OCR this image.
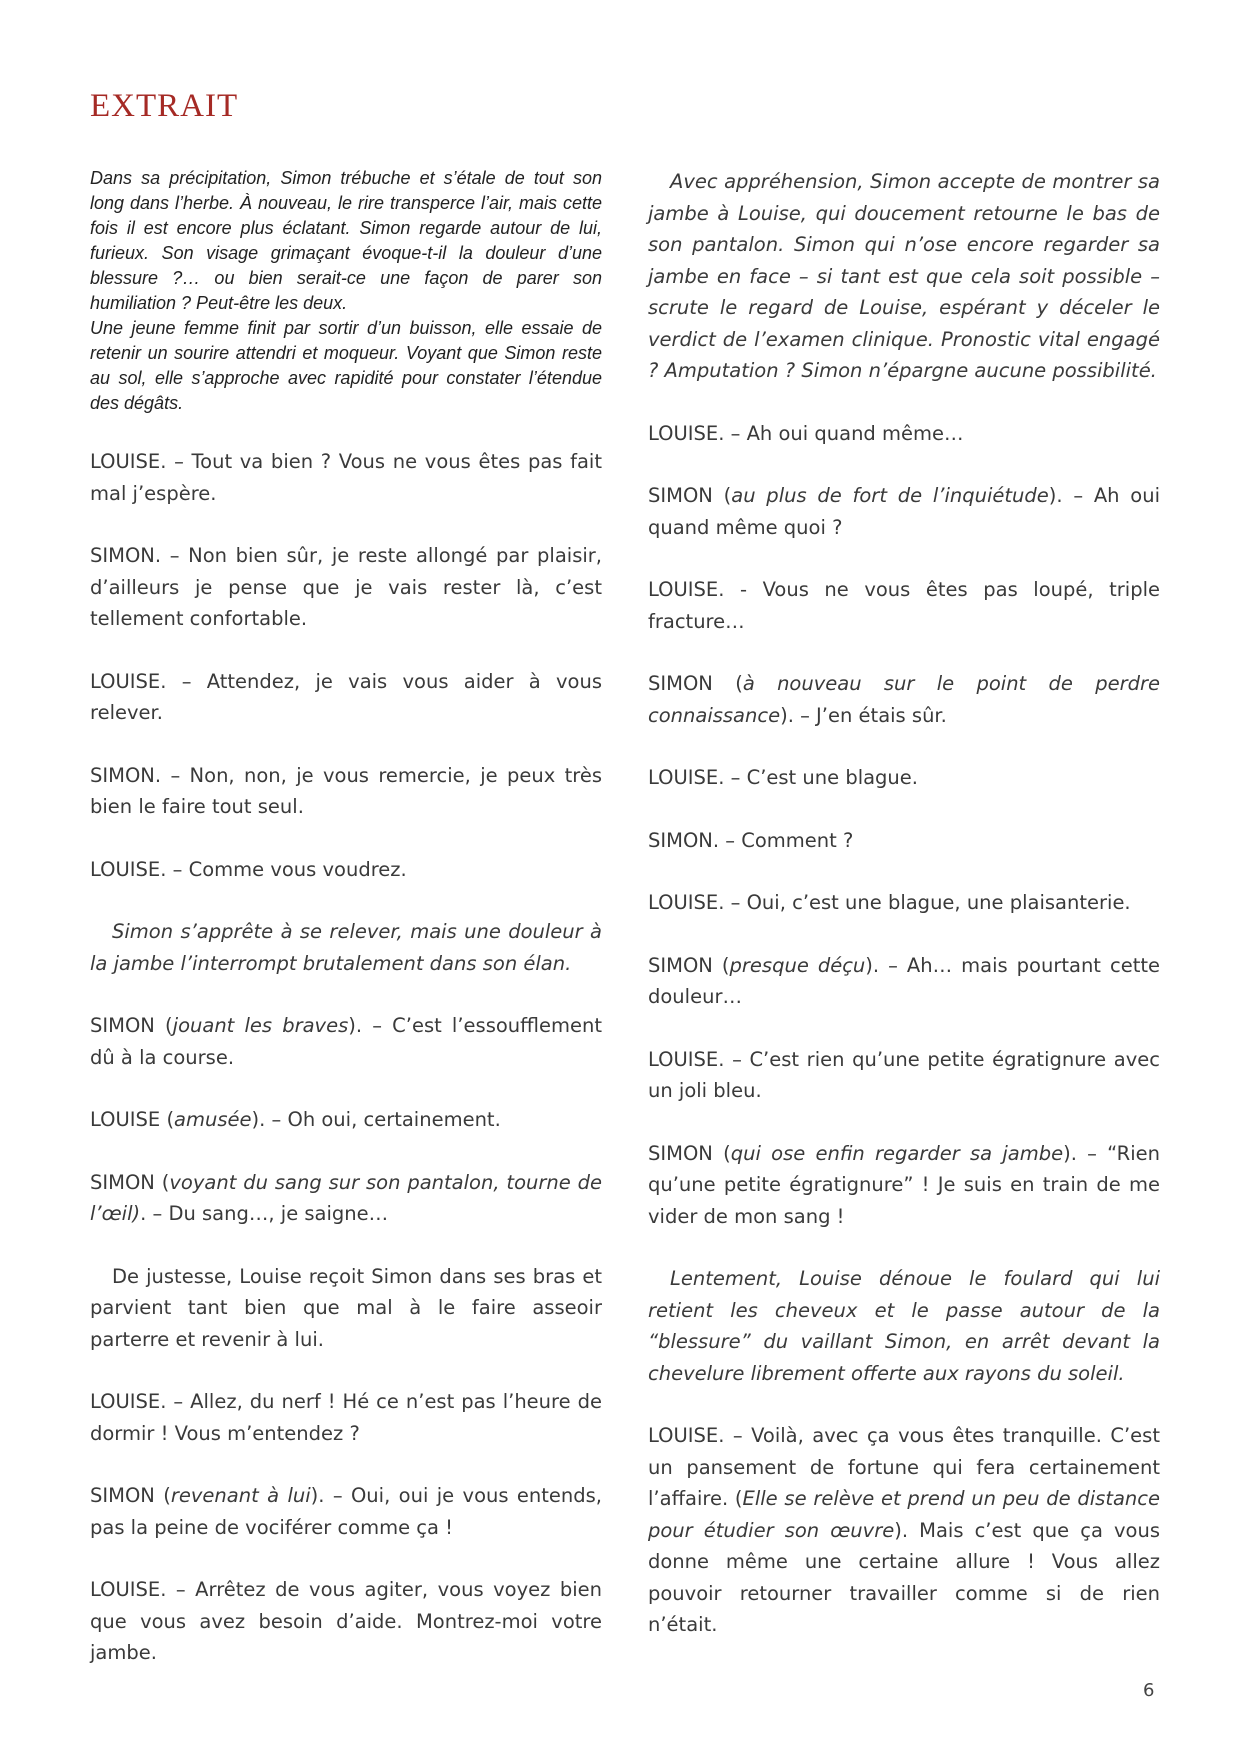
EXTRAIT

Dans sa précipitation, Simon trébuche et s’étale de tout son long dans l’herbe. À nouveau, le rire transperce l’air, mais cette fois il est encore plus éclatant. Simon regarde autour de lui, furieux. Son visage grimaçant évoque-t-il la douleur d’une blessure ?… ou bien serait-ce une façon de parer son humiliation ? Peut-être les deux.

Une jeune femme finit par sortir d’un buisson, elle essaie de retenir un sourire attendri et moqueur. Voyant que Simon reste au sol, elle s’approche avec rapidité pour constater l’étendue des dégâts.

LOUISE. – Tout va bien ? Vous ne vous êtes pas fait mal j’espère.

SIMON. – Non bien sûr, je reste allongé par plaisir, d’ailleurs je pense que je vais rester là, c’est tellement confortable.

LOUISE. – Attendez, je vais vous aider à vous relever.

SIMON. – Non, non, je vous remercie, je peux très bien le faire tout seul.

LOUISE. – Comme vous voudrez.

Simon s’apprête à se relever, mais une douleur à la jambe l’interrompt brutalement dans son élan.

SIMON (jouant les braves). – C’est l’essoufflement dû à la course.

LOUISE (amusée). – Oh oui, certainement.

SIMON (voyant du sang sur son pantalon, tourne de l’œil). – Du sang…, je saigne…

De justesse, Louise reçoit Simon dans ses bras et parvient tant bien que mal à le faire asseoir parterre et revenir à lui.

LOUISE. – Allez, du nerf ! Hé ce n’est pas l’heure de dormir ! Vous m’entendez ?

SIMON (revenant à lui). – Oui, oui je vous entends, pas la peine de vociférer comme ça !

LOUISE. – Arrêtez de vous agiter, vous voyez bien que vous avez besoin d’aide. Montrez-moi votre jambe.

Avec appréhension, Simon accepte de montrer sa jambe à Louise, qui doucement retourne le bas de son pantalon. Simon qui n’ose encore regarder sa jambe en face – si tant est que cela soit possible – scrute le regard de Louise, espérant y déceler le verdict de l’examen clinique. Pronostic vital engagé ? Amputation ? Simon n’épargne aucune possibilité.

LOUISE. – Ah oui quand même…

SIMON (au plus de fort de l’inquiétude). – Ah oui quand même quoi ?

LOUISE. - Vous ne vous êtes pas loupé, triple fracture…

SIMON (à nouveau sur le point de perdre connaissance). – J’en étais sûr.

LOUISE. – C’est une blague.

SIMON. – Comment ?

LOUISE. – Oui, c’est une blague, une plaisanterie.

SIMON (presque déçu). – Ah… mais pourtant cette douleur…

LOUISE. – C’est rien qu’une petite égratignure avec un joli bleu.

SIMON (qui ose enfin regarder sa jambe). – “Rien qu’une petite égratignure” ! Je suis en train de me vider de mon sang !

Lentement, Louise dénoue le foulard qui lui retient les cheveux et le passe autour de la “blessure” du vaillant Simon, en arrêt devant la chevelure librement offerte aux rayons du soleil.

LOUISE. – Voilà, avec ça vous êtes tranquille. C’est un pansement de fortune qui fera certainement l’affaire. (Elle se relève et prend un peu de distance pour étudier son œuvre). Mais c’est que ça vous donne même une certaine allure ! Vous allez pouvoir retourner travailler comme si de rien n’était.

6
